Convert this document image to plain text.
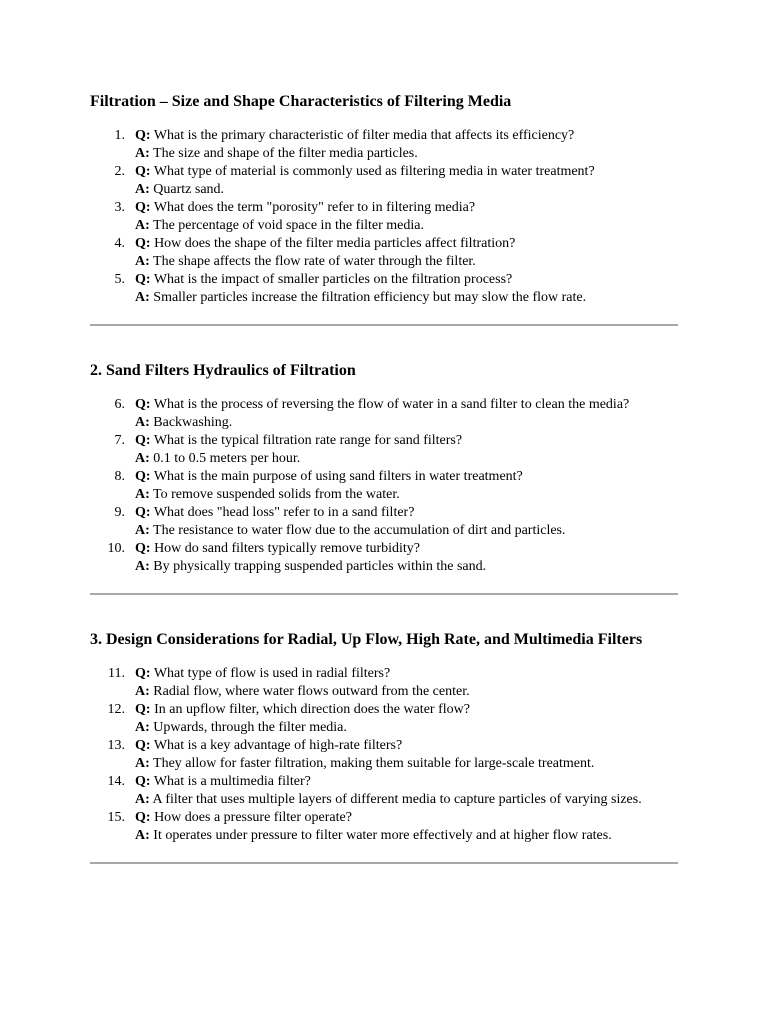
Filtration – Size and Shape Characteristics of Filtering Media
1. Q: What is the primary characteristic of filter media that affects its efficiency?
A: The size and shape of the filter media particles.
2. Q: What type of material is commonly used as filtering media in water treatment?
A: Quartz sand.
3. Q: What does the term "porosity" refer to in filtering media?
A: The percentage of void space in the filter media.
4. Q: How does the shape of the filter media particles affect filtration?
A: The shape affects the flow rate of water through the filter.
5. Q: What is the impact of smaller particles on the filtration process?
A: Smaller particles increase the filtration efficiency but may slow the flow rate.
2. Sand Filters Hydraulics of Filtration
6. Q: What is the process of reversing the flow of water in a sand filter to clean the media?
A: Backwashing.
7. Q: What is the typical filtration rate range for sand filters?
A: 0.1 to 0.5 meters per hour.
8. Q: What is the main purpose of using sand filters in water treatment?
A: To remove suspended solids from the water.
9. Q: What does "head loss" refer to in a sand filter?
A: The resistance to water flow due to the accumulation of dirt and particles.
10. Q: How do sand filters typically remove turbidity?
A: By physically trapping suspended particles within the sand.
3. Design Considerations for Radial, Up Flow, High Rate, and Multimedia Filters
11. Q: What type of flow is used in radial filters?
A: Radial flow, where water flows outward from the center.
12. Q: In an upflow filter, which direction does the water flow?
A: Upwards, through the filter media.
13. Q: What is a key advantage of high-rate filters?
A: They allow for faster filtration, making them suitable for large-scale treatment.
14. Q: What is a multimedia filter?
A: A filter that uses multiple layers of different media to capture particles of varying sizes.
15. Q: How does a pressure filter operate?
A: It operates under pressure to filter water more effectively and at higher flow rates.
